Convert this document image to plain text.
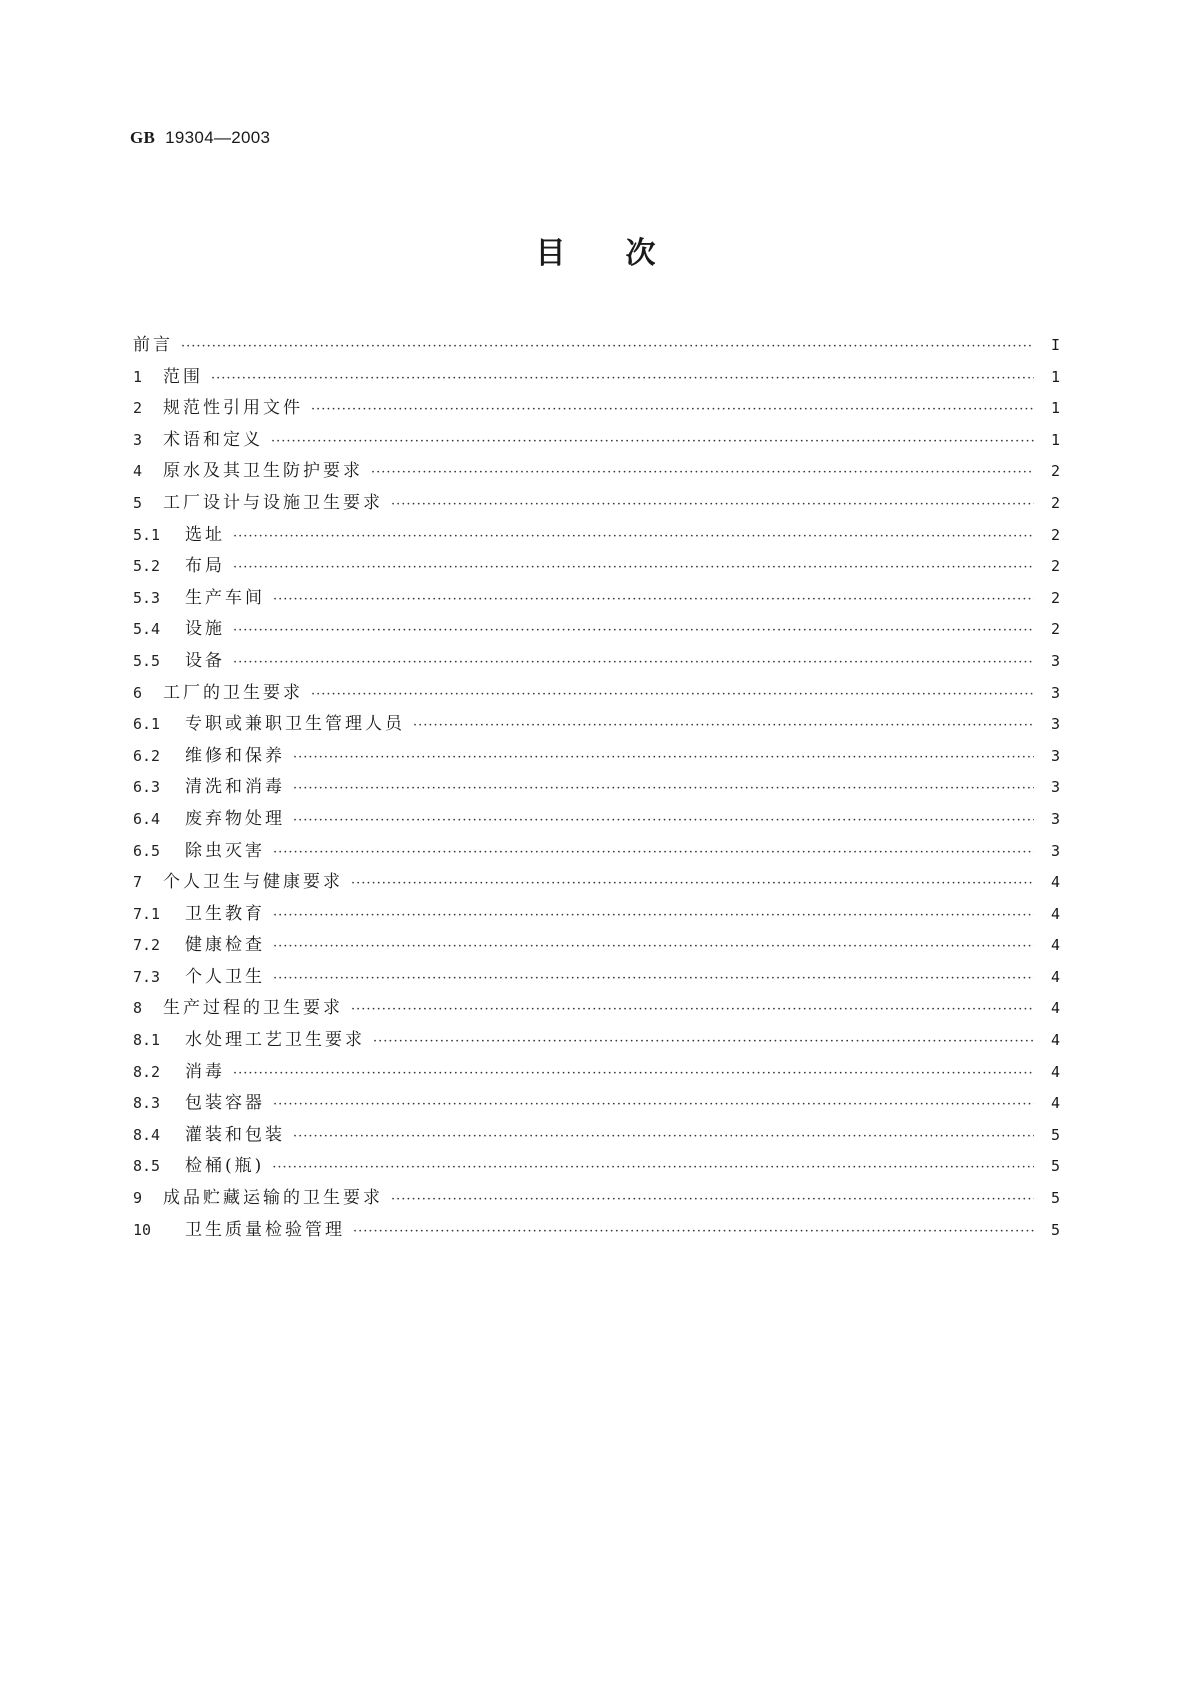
GB 19304—2003
目次
前言 ·····	I
1	范围 ·····	1
2	规范性引用文件 ·····	1
3	术语和定义 ·····	1
4	原水及其卫生防护要求 ·····	2
5	工厂设计与设施卫生要求 ·····	2
5.1	选址 ·····	2
5.2	布局 ·····	2
5.3	生产车间 ·····	2
5.4	设施 ·····	2
5.5	设备 ·····	3
6	工厂的卫生要求 ·····	3
6.1	专职或兼职卫生管理人员 ·····	3
6.2	维修和保养 ·····	3
6.3	清洗和消毒 ·····	3
6.4	废弃物处理 ·····	3
6.5	除虫灭害 ·····	3
7	个人卫生与健康要求 ·····	4
7.1	卫生教育 ·····	4
7.2	健康检查 ·····	4
7.3	个人卫生 ·····	4
8	生产过程的卫生要求 ·····	4
8.1	水处理工艺卫生要求 ·····	4
8.2	消毒 ·····	4
8.3	包装容器 ·····	4
8.4	灌装和包装 ·····	5
8.5	检桶(瓶) ·····	5
9	成品贮藏运输的卫生要求 ·····	5
10	卫生质量检验管理 ·····	5
